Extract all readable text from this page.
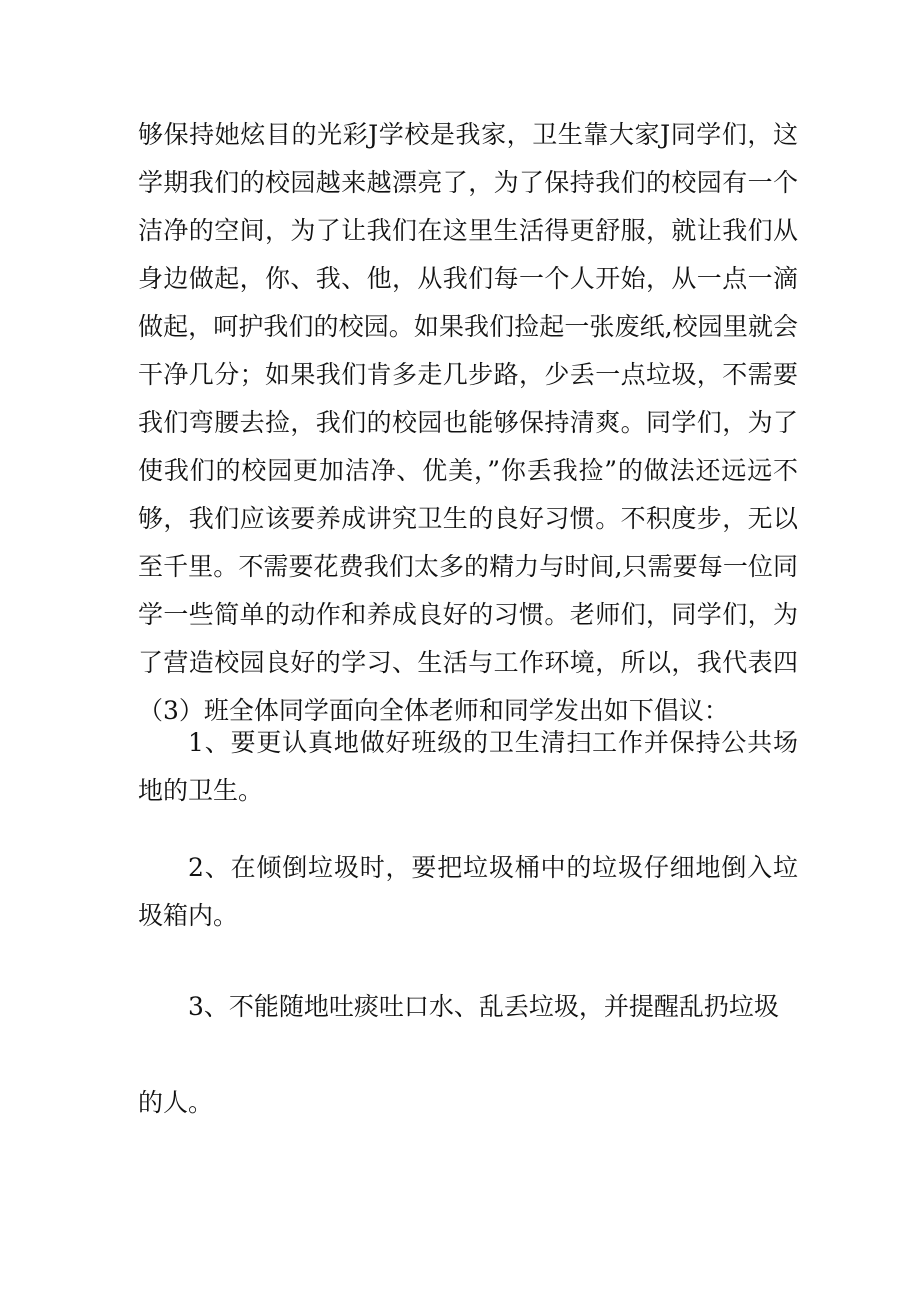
够保持她炫目的光彩J学校是我家，卫生靠大家J同学们，这学期我们的校园越来越漂亮了，为了保持我们的校园有一个洁净的空间，为了让我们在这里生活得更舒服，就让我们从身边做起，你、我、他，从我们每一个人开始，从一点一滴做起，呵护我们的校园。如果我们捡起一张废纸,校园里就会干净几分；如果我们肯多走几步路，少丢一点垃圾，不需要我们弯腰去捡，我们的校园也能够保持清爽。同学们，为了使我们的校园更加洁净、优美，”你丢我捡”的做法还远远不够，我们应该要养成讲究卫生的良好习惯。不积度步，无以至千里。不需要花费我们太多的精力与时间,只需要每一位同学一些简单的动作和养成良好的习惯。老师们，同学们，为了营造校园良好的学习、生活与工作环境，所以，我代表四（3）班全体同学面向全体老师和同学发出如下倡议：

1、要更认真地做好班级的卫生清扫工作并保持公共场地的卫生。

2、在倾倒垃圾时，要把垃圾桶中的垃圾仔细地倒入垃圾箱内。

3、不能随地吐痰吐口水、乱丢垃圾，并提醒乱扔垃圾

的人。
